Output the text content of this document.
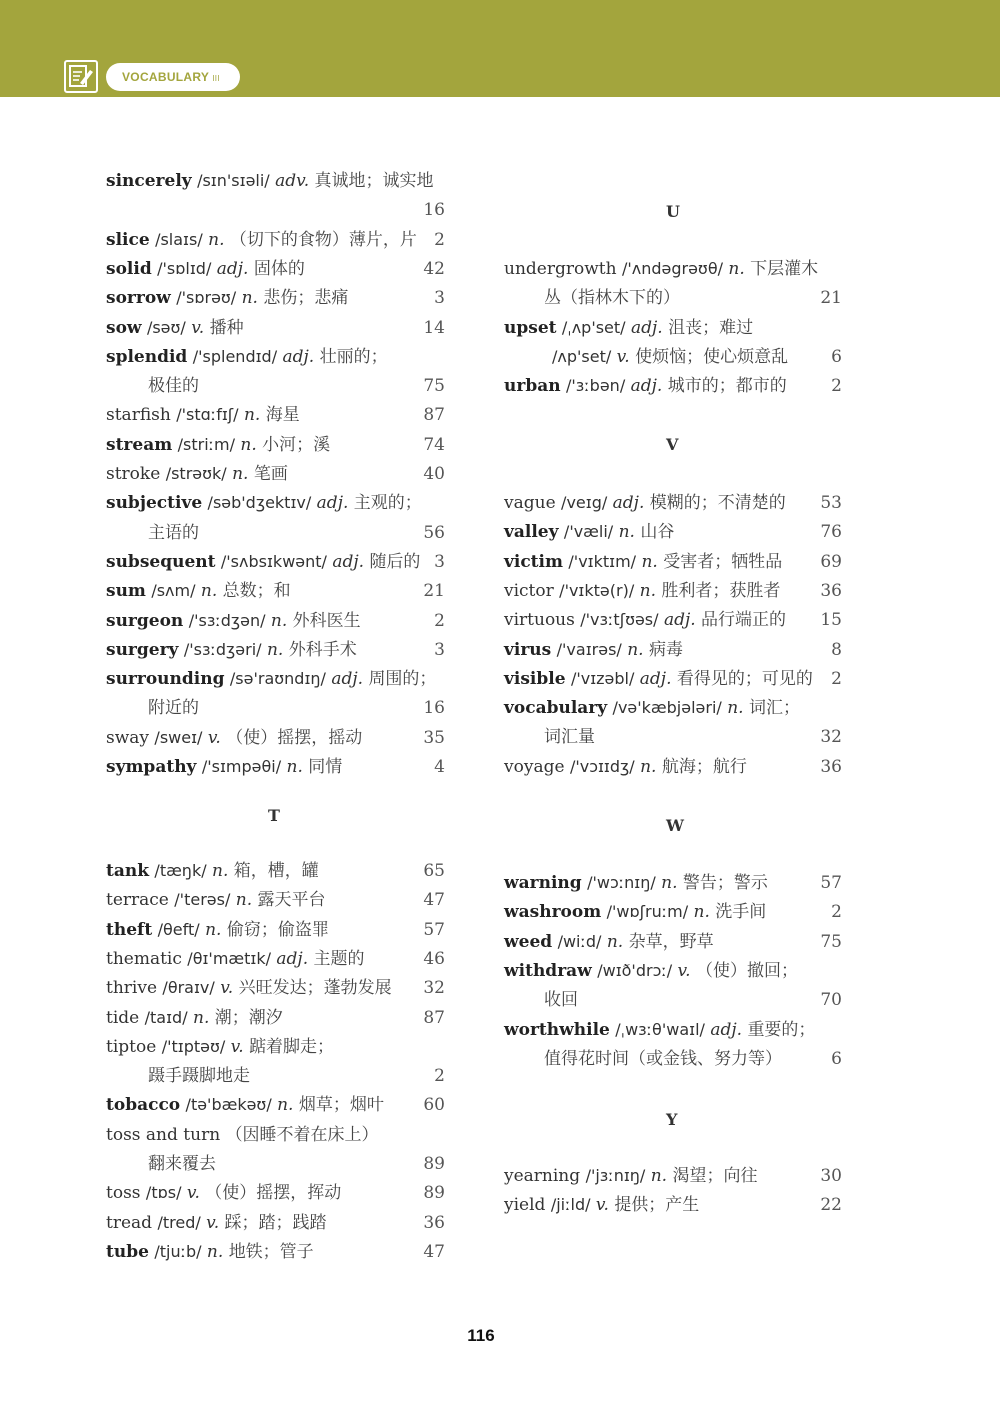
VOCABULARY III
sincerely /sɪn'sɪəli/ adv. 真诚地；诚实地
16
slice /slaɪs/ n. （切下的食物）薄片，片	2
solid /'sɒlɪd/ adj. 固体的	42
sorrow /'sɒrəʊ/ n. 悲伤；悲痛	3
sow /səʊ/ v. 播种	14
splendid /'splendɪd/ adj. 壮丽的；
极佳的	75
starfish /'stɑːfɪʃ/ n. 海星	87
stream /striːm/ n. 小河；溪	74
stroke /strəʊk/ n. 笔画	40
subjective /səb'dʒektɪv/ adj. 主观的；
主语的	56
subsequent /'sʌbsɪkwənt/ adj. 随后的 3
sum /sʌm/ n. 总数；和	21
surgeon /'sɜːdʒən/ n. 外科医生	2
surgery /'sɜːdʒəri/ n. 外科手术	3
surrounding /sə'raʊndɪŋ/ adj. 周围的；
附近的	16
sway /sweɪ/ v. （使）摇摆，摇动	35
sympathy /'sɪmpəθi/ n. 同情	4
T
tank /tæŋk/ n. 箱，槽，罐	65
terrace /'terəs/ n. 露天平台	47
theft /θeft/ n. 偷窃；偷盗罪	57
thematic /θɪ'mætɪk/ adj. 主题的	46
thrive /θraɪv/ v. 兴旺发达；蓬勃发展	32
tide /taɪd/ n. 潮；潮汐	87
tiptoe /'tɪptəʊ/ v. 踮着脚走；
蹑手蹑脚地走	2
tobacco /tə'bækəʊ/ n. 烟草；烟叶	60
toss and turn （因睡不着在床上）
翻来覆去	89
toss /tɒs/ v. （使）摇摆，挥动	89
tread /tred/ v. 踩；踏；践踏	36
tube /tjuːb/ n. 地铁；管子	47
U
undergrowth /'ʌndəgrəʊθ/ n. 下层灌木
丛（指林木下的）	21
upset /ˌʌp'set/ adj. 沮丧；难过
/ʌp'set/ v. 使烦恼；使心烦意乱	6
urban /'ɜːbən/ adj. 城市的；都市的	2
V
vague /veɪg/ adj. 模糊的；不清楚的	53
valley /'væli/ n. 山谷	76
victim /'vɪktɪm/ n. 受害者；牺牲品	69
victor /'vɪktə(r)/ n. 胜利者；获胜者	36
virtuous /'vɜːtʃʊəs/ adj. 品行端正的	15
virus /'vaɪrəs/ n. 病毒	8
visible /'vɪzəbl/ adj. 看得见的；可见的	2
vocabulary /və'kæbjələri/ n. 词汇；
词汇量	32
voyage /'vɔɪɪdʒ/ n. 航海；航行	36
W
warning /'wɔːnɪŋ/ n. 警告；警示	57
washroom /'wɒʃruːm/ n. 洗手间	2
weed /wiːd/ n. 杂草，野草	75
withdraw /wɪð'drɔː/ v. （使）撤回；
收回	70
worthwhile /ˌwɜːθ'waɪl/ adj. 重要的；
值得花时间（或金钱、努力等）	6
Y
yearning /'jɜːnɪŋ/ n. 渴望；向往	30
yield /jiːld/ v. 提供；产生	22
116
